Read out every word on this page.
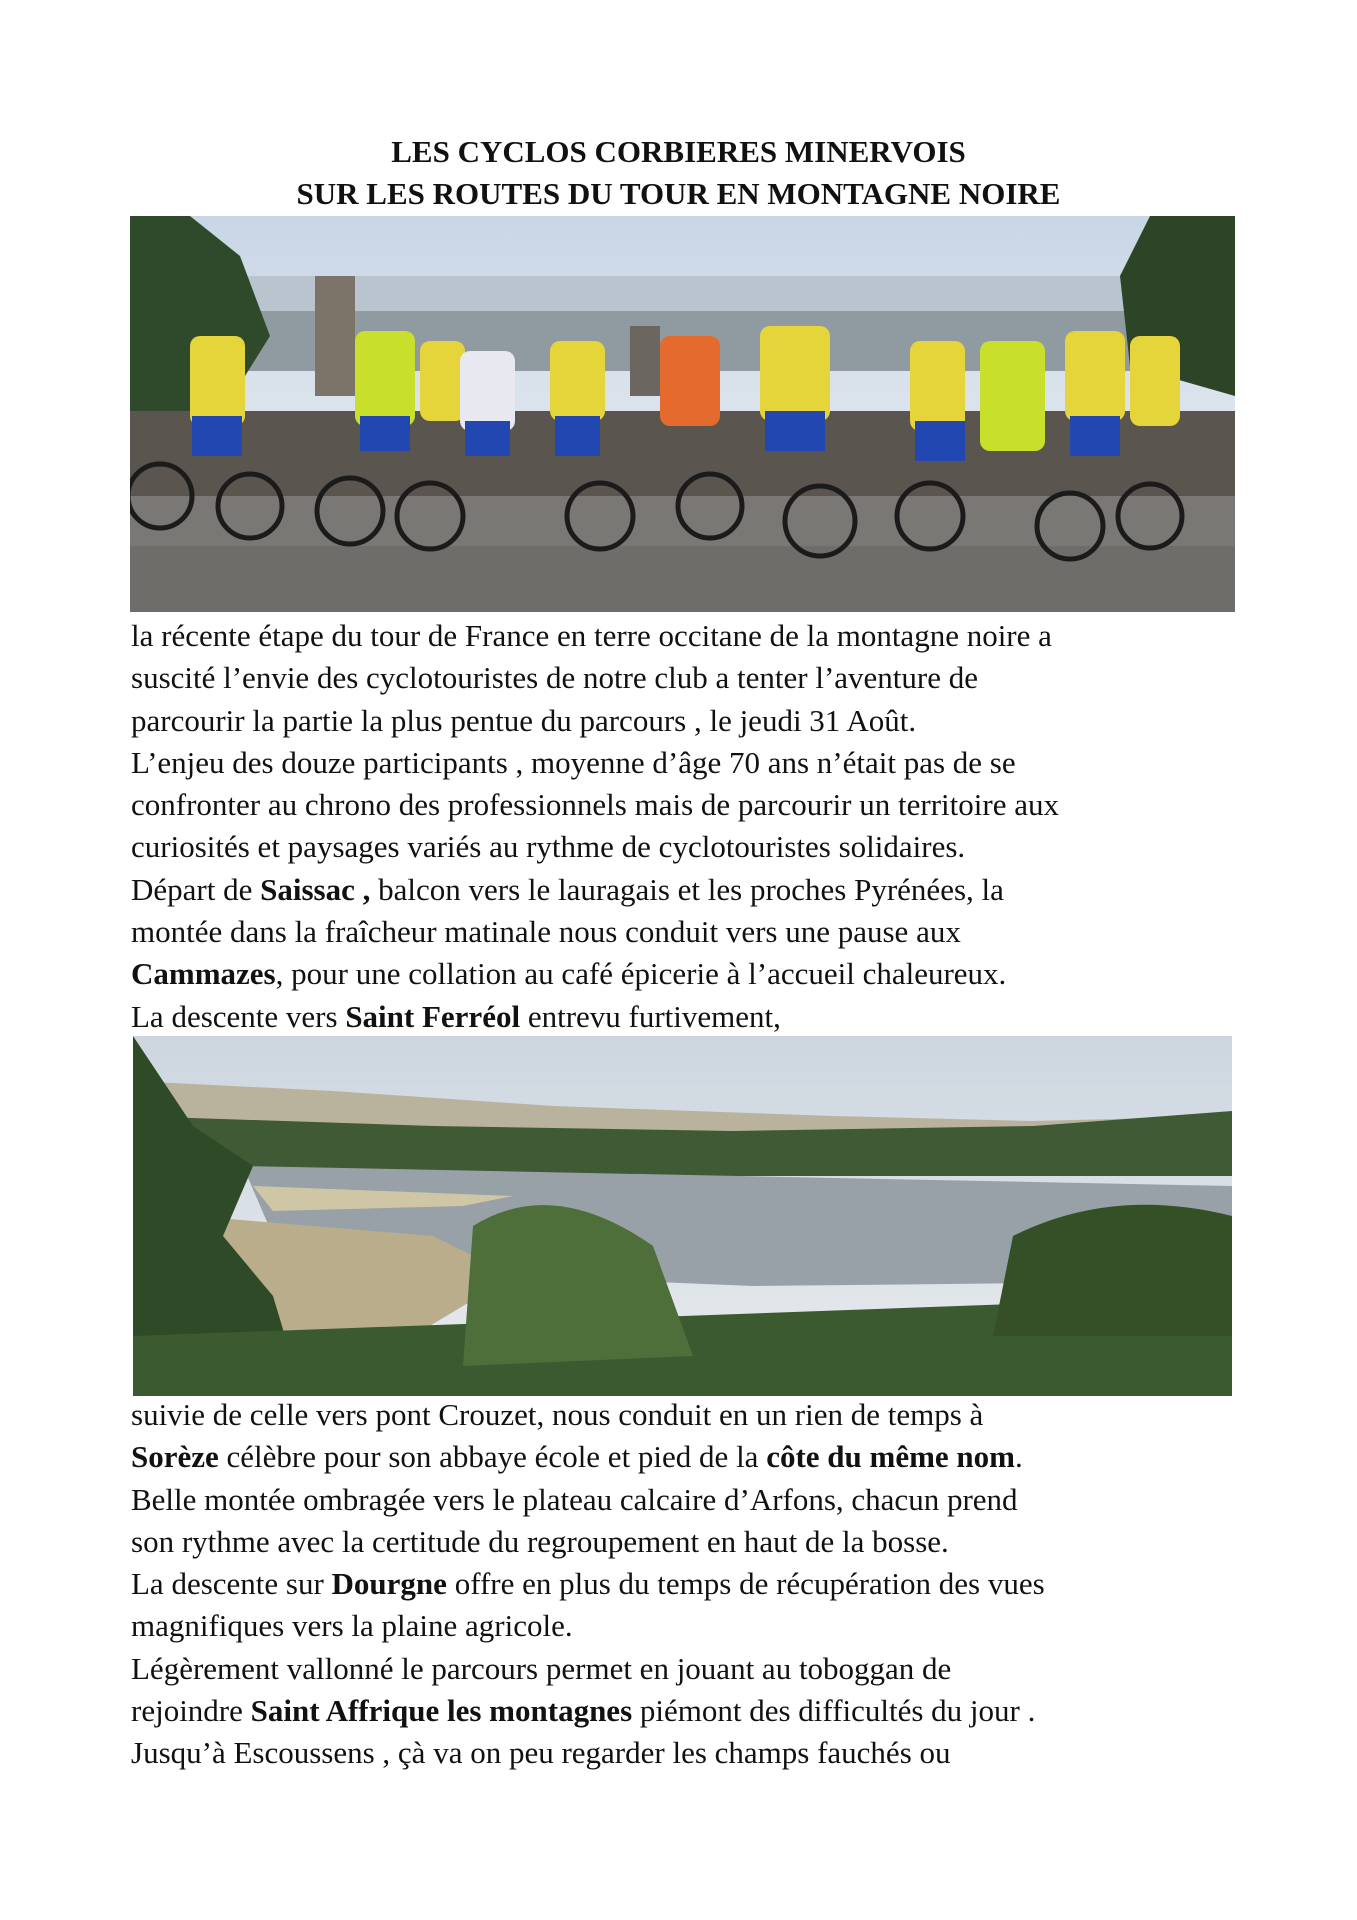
LES CYCLOS CORBIERES MINERVOIS
SUR LES ROUTES DU TOUR EN MONTAGNE NOIRE
la récente étape du tour de France en terre occitane de la montagne noire a
suscité l’envie des cyclotouristes de notre club a tenter l’aventure de
parcourir la partie la plus pentue du parcours , le jeudi 31 Août.
L’enjeu des douze participants , moyenne d’âge 70 ans n’était pas de se
confronter au chrono des professionnels mais de parcourir un territoire aux
curiosités et paysages variés au rythme de cyclotouristes solidaires.
Départ de Saissac , balcon vers le lauragais et les proches Pyrénées, la
montée dans la fraîcheur matinale nous conduit vers une pause aux
Cammazes, pour une collation au café épicerie à l’accueil chaleureux.
La descente vers Saint Ferréol entrevu furtivement,
suivie de celle vers pont Crouzet, nous conduit en un rien de temps à
Sorèze célèbre pour son abbaye école et pied de la côte du même nom.
Belle montée ombragée vers le plateau calcaire d’Arfons, chacun prend
son rythme avec la certitude du regroupement en haut de la bosse.
La descente sur Dourgne offre en plus du temps de récupération des vues
magnifiques vers la plaine agricole.
Légèrement vallonné le parcours permet en jouant au toboggan de
rejoindre Saint Affrique les montagnes piémont des difficultés du jour .
Jusqu’à Escoussens , çà va on peu regarder les champs fauchés ou
